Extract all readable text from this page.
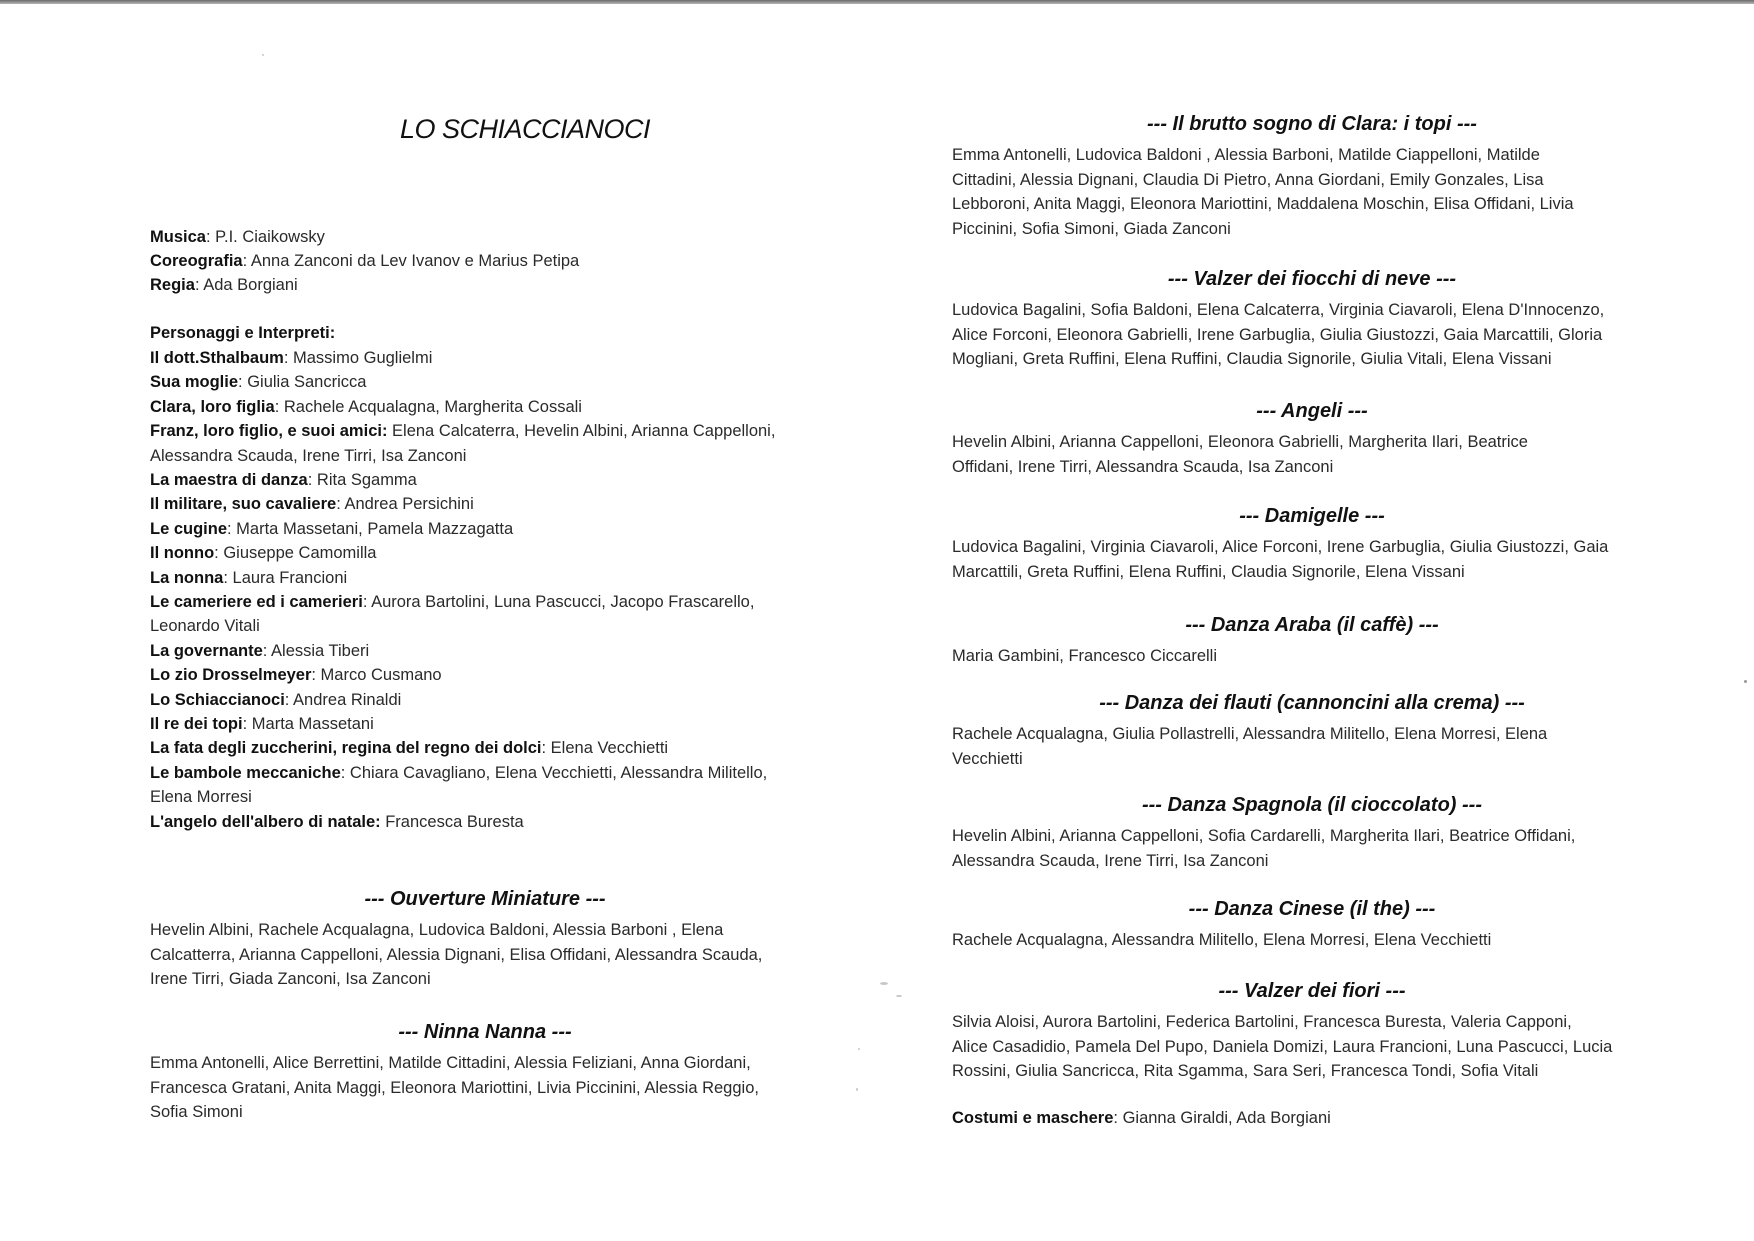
LO SCHIACCIANOCI
Musica: P.I. Ciaikowsky
Coreografia: Anna Zanconi da Lev Ivanov e Marius Petipa
Regia: Ada Borgiani
Personaggi e Interpreti:
Il dott.Sthalbaum: Massimo Guglielmi
Sua moglie: Giulia Sancricca
Clara, loro figlia: Rachele Acqualagna, Margherita Cossali
Franz, loro figlio, e suoi amici: Elena Calcaterra, Hevelin Albini, Arianna Cappelloni,
Alessandra Scauda, Irene Tirri, Isa Zanconi
La maestra di danza: Rita Sgamma
Il militare, suo cavaliere: Andrea Persichini
Le cugine: Marta Massetani, Pamela Mazzagatta
Il nonno: Giuseppe Camomilla
La nonna: Laura Francioni
Le cameriere ed i camerieri: Aurora Bartolini, Luna Pascucci, Jacopo Frascarello,
Leonardo Vitali
La governante: Alessia Tiberi
Lo zio Drosselmeyer: Marco Cusmano
Lo Schiaccianoci: Andrea Rinaldi
Il re dei topi: Marta Massetani
La fata degli zuccherini, regina del regno dei dolci: Elena Vecchietti
Le bambole meccaniche: Chiara Cavagliano, Elena Vecchietti, Alessandra Militello,
Elena Morresi
L'angelo dell'albero di natale: Francesca Buresta
--- Ouverture Miniature ---
Hevelin Albini, Rachele Acqualagna, Ludovica Baldoni, Alessia Barboni , Elena
Calcatterra, Arianna Cappelloni, Alessia Dignani, Elisa Offidani, Alessandra Scauda,
Irene Tirri, Giada Zanconi, Isa Zanconi
--- Ninna Nanna ---
Emma Antonelli, Alice Berrettini, Matilde Cittadini, Alessia Feliziani, Anna Giordani,
Francesca Gratani, Anita Maggi, Eleonora Mariottini, Livia Piccinini, Alessia Reggio,
Sofia Simoni
--- Il brutto sogno di Clara: i topi ---
Emma Antonelli, Ludovica Baldoni , Alessia Barboni, Matilde Ciappelloni, Matilde
Cittadini, Alessia Dignani, Claudia Di Pietro, Anna Giordani, Emily Gonzales, Lisa
Lebboroni, Anita Maggi, Eleonora Mariottini, Maddalena Moschin, Elisa Offidani, Livia
Piccinini, Sofia Simoni, Giada Zanconi
--- Valzer dei fiocchi di neve ---
Ludovica Bagalini, Sofia Baldoni, Elena Calcaterra, Virginia Ciavaroli, Elena D'Innocenzo,
Alice Forconi, Eleonora Gabrielli, Irene Garbuglia, Giulia Giustozzi, Gaia Marcattili, Gloria
Mogliani, Greta Ruffini, Elena Ruffini, Claudia Signorile, Giulia Vitali, Elena Vissani
--- Angeli ---
Hevelin Albini, Arianna Cappelloni, Eleonora Gabrielli, Margherita Ilari, Beatrice
Offidani, Irene Tirri, Alessandra Scauda, Isa Zanconi
--- Damigelle ---
Ludovica Bagalini, Virginia Ciavaroli, Alice Forconi, Irene Garbuglia, Giulia Giustozzi, Gaia
Marcattili, Greta Ruffini, Elena Ruffini, Claudia Signorile, Elena Vissani
--- Danza Araba (il caffè) ---
Maria Gambini, Francesco Ciccarelli
--- Danza dei flauti (cannoncini alla crema) ---
Rachele Acqualagna, Giulia Pollastrelli, Alessandra Militello, Elena Morresi, Elena
Vecchietti
--- Danza Spagnola (il cioccolato) ---
Hevelin Albini, Arianna Cappelloni, Sofia Cardarelli, Margherita Ilari, Beatrice Offidani,
Alessandra Scauda, Irene Tirri, Isa Zanconi
--- Danza Cinese (il the) ---
Rachele Acqualagna, Alessandra Militello, Elena Morresi, Elena Vecchietti
--- Valzer dei fiori ---
Silvia Aloisi, Aurora Bartolini, Federica Bartolini, Francesca Buresta, Valeria Capponi,
Alice Casadidio, Pamela Del Pupo, Daniela Domizi, Laura Francioni, Luna Pascucci, Lucia
Rossini, Giulia Sancricca, Rita Sgamma, Sara Seri, Francesca Tondi, Sofia Vitali
Costumi e maschere: Gianna Giraldi, Ada Borgiani
